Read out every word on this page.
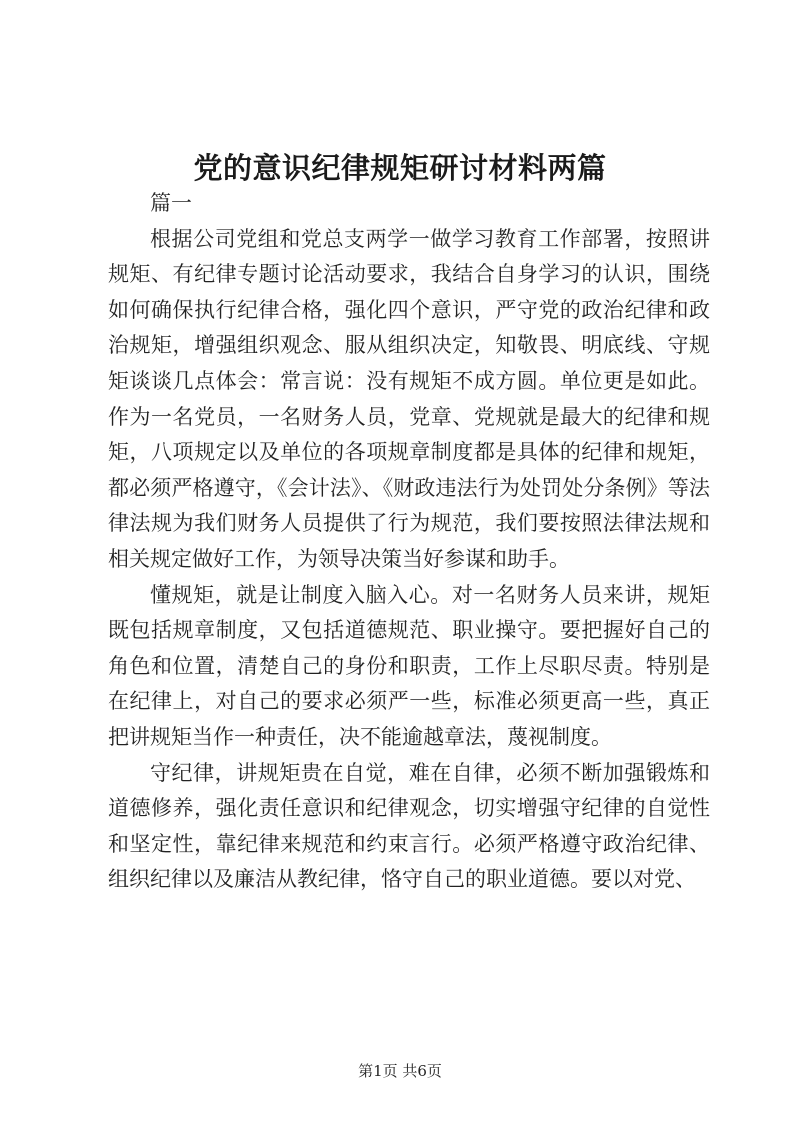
党的意识纪律规矩研讨材料两篇

篇一

根据公司党组和党总支两学一做学习教育工作部署，按照讲规矩、有纪律专题讨论活动要求，我结合自身学习的认识，围绕如何确保执行纪律合格，强化四个意识，严守党的政治纪律和政治规矩，增强组织观念、服从组织决定，知敬畏、明底线、守规矩谈谈几点体会：常言说：没有规矩不成方圆。单位更是如此。作为一名党员，一名财务人员，党章、党规就是最大的纪律和规矩，八项规定以及单位的各项规章制度都是具体的纪律和规矩，都必须严格遵守，《会计法》、《财政违法行为处罚处分条例》等法律法规为我们财务人员提供了行为规范，我们要按照法律法规和相关规定做好工作，为领导决策当好参谋和助手。

懂规矩，就是让制度入脑入心。对一名财务人员来讲，规矩既包括规章制度，又包括道德规范、职业操守。要把握好自己的角色和位置，清楚自己的身份和职责，工作上尽职尽责。特别是在纪律上，对自己的要求必须严一些，标准必须更高一些，真正把讲规矩当作一种责任，决不能逾越章法，蔑视制度。

守纪律，讲规矩贵在自觉，难在自律，必须不断加强锻炼和道德修养，强化责任意识和纪律观念，切实增强守纪律的自觉性和坚定性，靠纪律来规范和约束言行。必须严格遵守政治纪律、组织纪律以及廉洁从教纪律，恪守自己的职业道德。要以对党、

第1页 共6页
